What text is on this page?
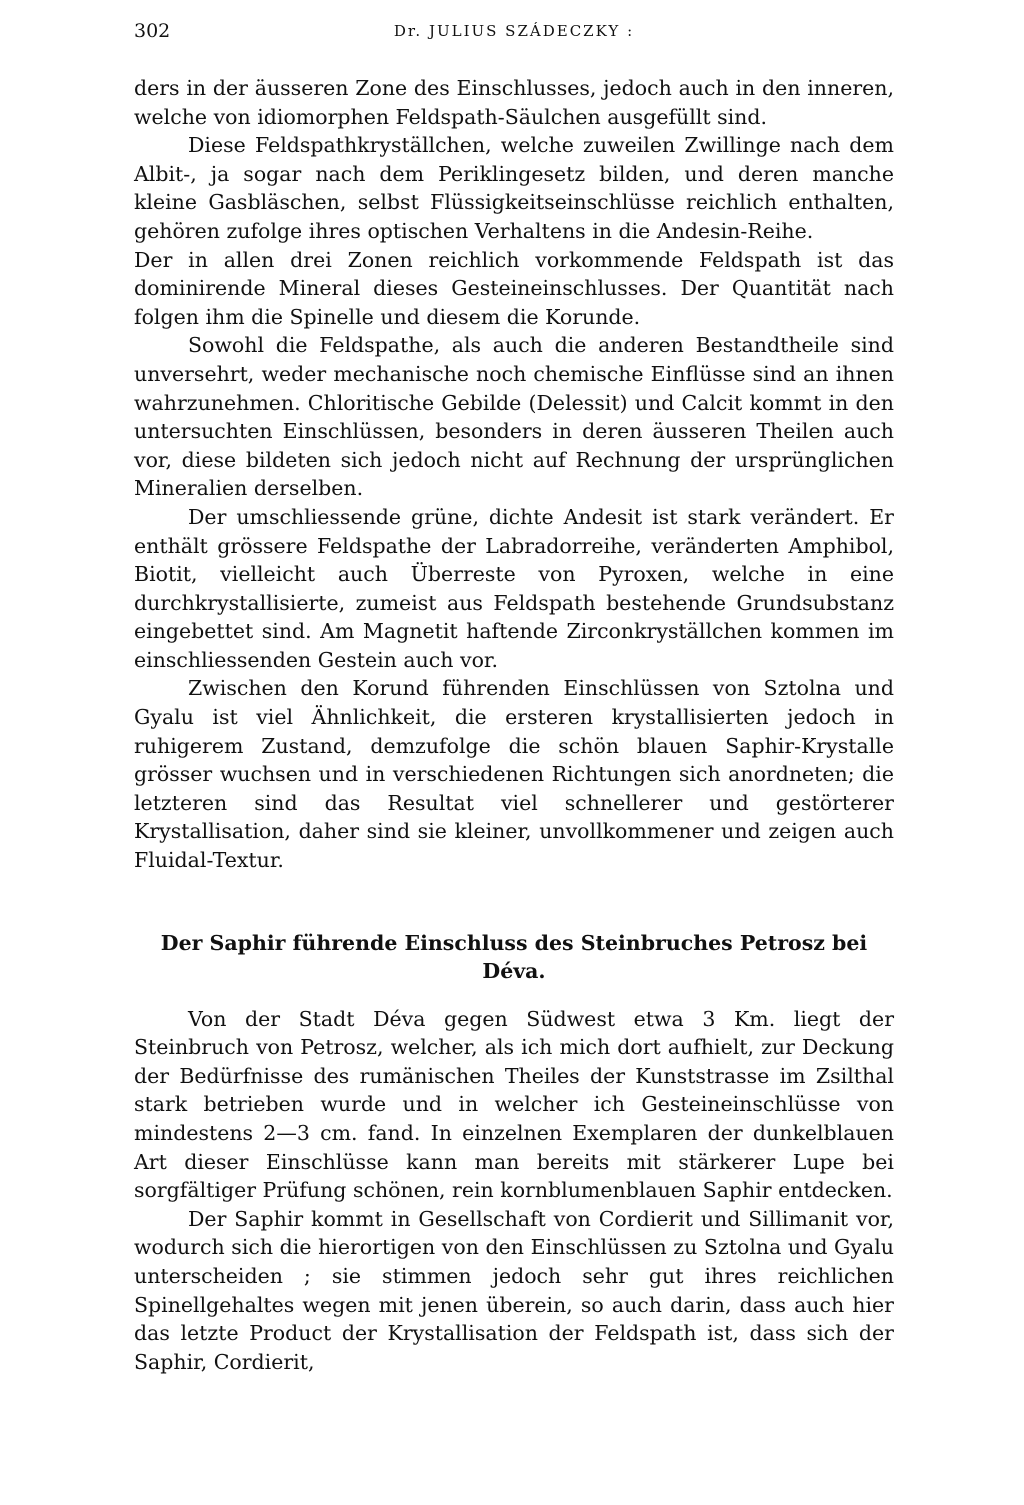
302	Dr. JULIUS SZÁDECZKY :

ders in der äusseren Zone des Einschlusses, jedoch auch in den inneren, welche von idiomorphen Feldspath-Säulchen ausgefüllt sind.

Diese Feldspathkryställchen, welche zuweilen Zwillinge nach dem Albit-, ja sogar nach dem Periklingesetz bilden, und deren manche kleine Gasbläschen, selbst Flüssigkeitseinschlüsse reichlich enthalten, gehören zufolge ihres optischen Verhaltens in die Andesin-Reihe.

Der in allen drei Zonen reichlich vorkommende Feldspath ist das dominirende Mineral dieses Gesteineinschlusses. Der Quantität nach folgen ihm die Spinelle und diesem die Korunde.

Sowohl die Feldspathe, als auch die anderen Bestandtheile sind unversehrt, weder mechanische noch chemische Einflüsse sind an ihnen wahrzunehmen. Chloritische Gebilde (Delessit) und Calcit kommt in den untersuchten Einschlüssen, besonders in deren äusseren Theilen auch vor, diese bildeten sich jedoch nicht auf Rechnung der ursprünglichen Mineralien derselben.

Der umschliessende grüne, dichte Andesit ist stark verändert. Er enthält grössere Feldspathe der Labradorreihe, veränderten Amphibol, Biotit, vielleicht auch Überreste von Pyroxen, welche in eine durchkrystallisierte, zumeist aus Feldspath bestehende Grundsubstanz eingebettet sind. Am Magnetit haftende Zirconkryställchen kommen im einschliessenden Gestein auch vor.

Zwischen den Korund führenden Einschlüssen von Sztolna und Gyalu ist viel Ähnlichkeit, die ersteren krystallisierten jedoch in ruhigerem Zustand, demzufolge die schön blauen Saphir-Krystalle grösser wuchsen und in verschiedenen Richtungen sich anordneten; die letzteren sind das Resultat viel schnellerer und gestörterer Krystallisation, daher sind sie kleiner, unvollkommener und zeigen auch Fluidal-Textur.

Der Saphir führende Einschluss des Steinbruches Petrosz bei Déva.

Von der Stadt Déva gegen Südwest etwa 3 Km. liegt der Steinbruch von Petrosz, welcher, als ich mich dort aufhielt, zur Deckung der Bedürfnisse des rumänischen Theiles der Kunststrasse im Zsilthal stark betrieben wurde und in welcher ich Gesteineinschlüsse von mindestens 2—3 cm. fand. In einzelnen Exemplaren der dunkelblauen Art dieser Einschlüsse kann man bereits mit stärkerer Lupe bei sorgfältiger Prüfung schönen, rein kornblumenblauen Saphir entdecken.

Der Saphir kommt in Gesellschaft von Cordierit und Sillimanit vor, wodurch sich die hierortigen von den Einschlüssen zu Sztolna und Gyalu unterscheiden ; sie stimmen jedoch sehr gut ihres reichlichen Spinellgehaltes wegen mit jenen überein, so auch darin, dass auch hier das letzte Product der Krystallisation der Feldspath ist, dass sich der Saphir, Cordierit,
